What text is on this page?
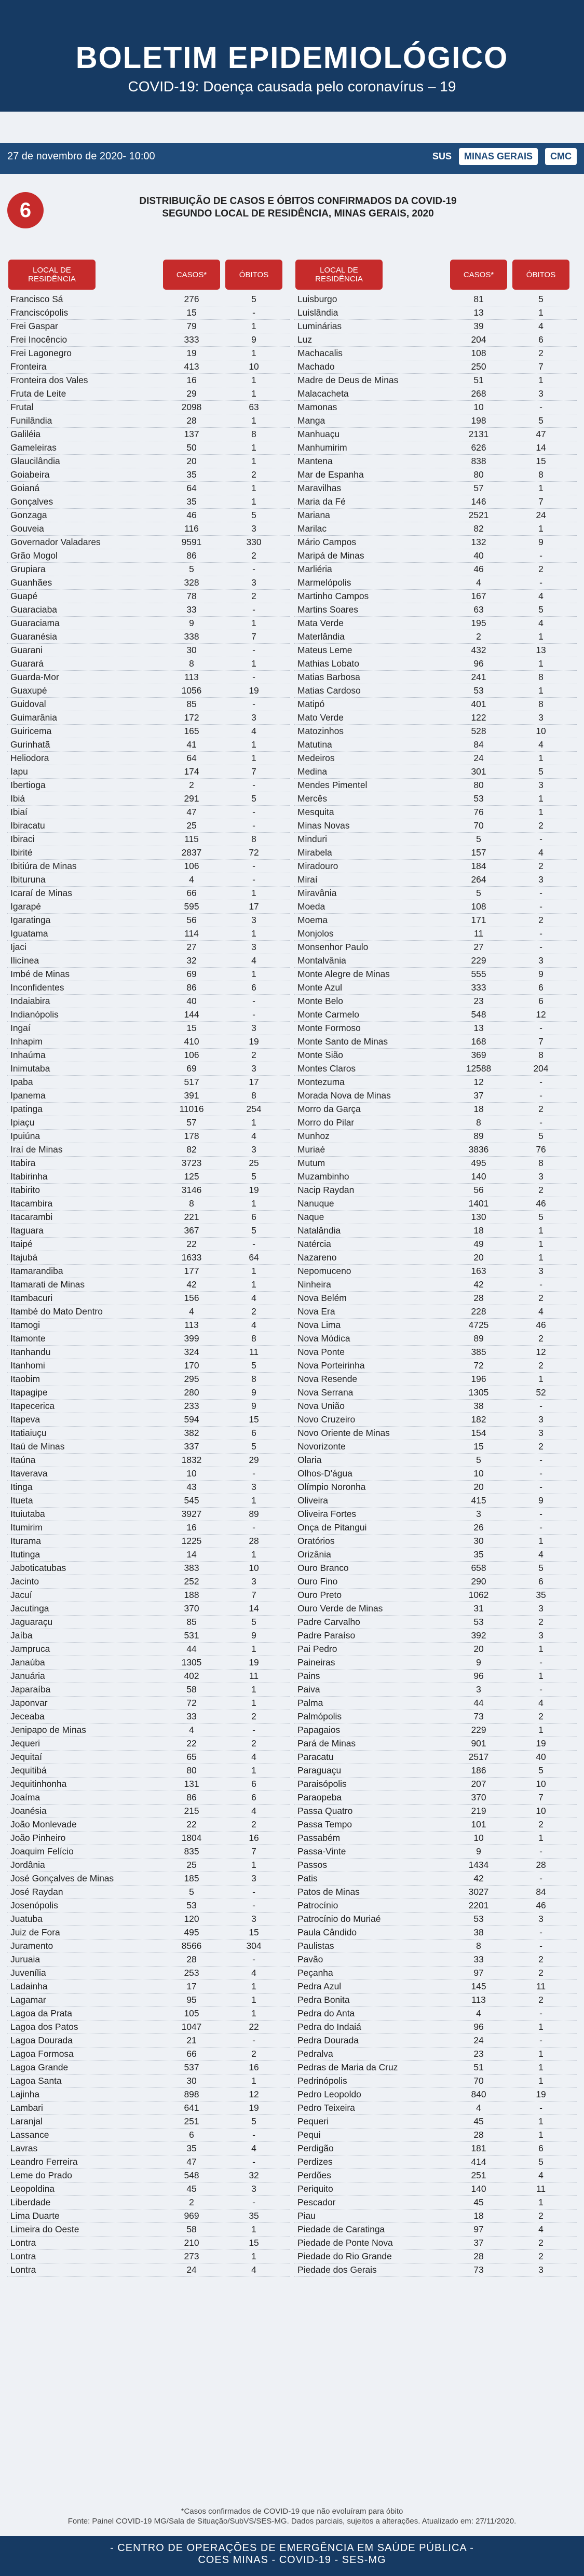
BOLETIM EPIDEMIOLÓGICO
COVID-19: Doença causada pelo coronavírus – 19
27 de novembro de 2020- 10:00	SUS	MINAS GERAIS	CMC
6	DISTRIBUIÇÃO DE CASOS E ÓBITOS CONFIRMADOS DA COVID-19 SEGUNDO LOCAL DE RESIDÊNCIA, MINAS GERAIS, 2020
LOCAL DE RESIDÊNCIA	CASOS*	ÓBITOS
Francisco Sá	276	5
Franciscópolis	15	-
Frei Gaspar	79	1
Frei Inocêncio	333	9
Frei Lagonegro	19	1
Fronteira	413	10
Fronteira dos Vales	16	1
Fruta de Leite	29	1
Frutal	2098	63
Funilândia	28	1
Galiléia	137	8
Gameleiras	50	1
Glaucilândia	20	1
Goiabeira	35	2
Goianá	64	1
Gonçalves	35	1
Gonzaga	46	5
Gouveia	116	3
Governador Valadares	9591	330
Grão Mogol	86	2
Grupiara	5	-
Guanhães	328	3
Guapé	78	2
Guaraciaba	33	-
Guaraciama	9	1
Guaranésia	338	7
Guarani	30	-
Guarará	8	1
Guarda-Mor	113	-
Guaxupé	1056	19
Guidoval	85	-
Guimarânia	172	3
Guiricema	165	4
Gurinhatã	41	1
Heliodora	64	1
Iapu	174	7
Ibertioga	2	-
Ibiá	291	5
Ibiaí	47	-
Ibiracatu	25	-
Ibiraci	115	8
Ibirité	2837	72
Ibitiúra de Minas	106	-
Ibituruna	4	-
Icaraí de Minas	66	1
Igarapé	595	17
Igaratinga	56	3
Iguatama	114	1
Ijaci	27	3
Ilicínea	32	4
Imbé de Minas	69	1
Inconfidentes	86	6
Indaiabira	40	-
Indianópolis	144	-
Ingaí	15	3
Inhapim	410	19
Inhaúma	106	2
Inimutaba	69	3
Ipaba	517	17
Ipanema	391	8
Ipatinga	11016	254
Ipiaçu	57	1
Ipuiúna	178	4
Iraí de Minas	82	3
Itabira	3723	25
Itabirinha	125	5
Itabirito	3146	19
Itacambira	8	1
Itacarambi	221	6
Itaguara	367	5
Itaipé	22	-
Itajubá	1633	64
Itamarandiba	177	1
Itamarati de Minas	42	1
Itambacuri	156	4
Itambé do Mato Dentro	4	2
Itamogi	113	4
Itamonte	399	8
Itanhandu	324	11
Itanhomi	170	5
Itaobim	295	8
Itapagipe	280	9
Itapecerica	233	9
Itapeva	594	15
Itatiaiuçu	382	6
Itaú de Minas	337	5
Itaúna	1832	29
Itaverava	10	-
Itinga	43	3
Itueta	545	1
Ituiutaba	3927	89
Itumirim	16	-
Iturama	1225	28
Itutinga	14	1
Jaboticatubas	383	10
Jacinto	252	3
Jacuí	188	7
Jacutinga	370	14
Jaguaraçu	85	5
Jaíba	531	9
Jampruca	44	1
Janaúba	1305	19
Januária	402	11
Japaraíba	58	1
Japonvar	72	1
Jeceaba	33	2
Jenipapo de Minas	4	-
Jequeri	22	2
Jequitaí	65	4
Jequitibá	80	1
Jequitinhonha	131	6
Joaíma	86	6
Joanésia	215	4
João Monlevade	22	2
João Pinheiro	1804	16
Joaquim Felício	835	7
Jordânia	25	1
José Gonçalves de Minas	185	3
José Raydan	5	-
Josenópolis	53	-
Juatuba	120	3
Juiz de Fora	495	15
Juramento	8566	304
Juruaia	28	-
Juvenília	253	4
Ladainha	17	1
Lagamar	95	1
Lagoa da Prata	105	1
Lagoa dos Patos	1047	22
Lagoa Dourada	21	-
Lagoa Formosa	66	2
Lagoa Grande	537	16
Lagoa Santa	30	1
Lajinha	898	12
Lambari	641	19
Laranjal	251	5
Lassance	6	-
Lavras	35	4
Leandro Ferreira	47	-
Leme do Prado	548	32
Leopoldina	45	3
Liberdade	2	-
Lima Duarte	969	35
Limeira do Oeste	58	1
Lontra	210	15
Lontra	273	1
Lontra	24	4
LOCAL DE RESIDÊNCIA	CASOS*	ÓBITOS
Luisburgo	81	5
Luislândia	13	1
Luminárias	39	4
Luz	204	6
Machacalis	108	2
Machado	250	7
Madre de Deus de Minas	51	1
Malacacheta	268	3
Mamonas	10	-
Manga	198	5
Manhuaçu	2131	47
Manhumirim	626	14
Mantena	838	15
Mar de Espanha	80	8
Maravilhas	57	1
Maria da Fé	146	7
Mariana	2521	24
Marilac	82	1
Mário Campos	132	9
Maripá de Minas	40	-
Marliéria	46	2
Marmelópolis	4	-
Martinho Campos	167	4
Martins Soares	63	5
Mata Verde	195	4
Materlândia	2	1
Mateus Leme	432	13
Mathias Lobato	96	1
Matias Barbosa	241	8
Matias Cardoso	53	1
Matipó	401	8
Mato Verde	122	3
Matozinhos	528	10
Matutina	84	4
Medeiros	24	1
Medina	301	5
Mendes Pimentel	80	3
Mercês	53	1
Mesquita	76	1
Minas Novas	70	2
Minduri	5	-
Mirabela	157	4
Miradouro	184	2
Miraí	264	3
Miravânia	5	-
Moeda	108	-
Moema	171	2
Monjolos	11	-
Monsenhor Paulo	27	-
Montalvânia	229	3
Monte Alegre de Minas	555	9
Monte Azul	333	6
Monte Belo	23	6
Monte Carmelo	548	12
Monte Formoso	13	-
Monte Santo de Minas	168	7
Monte Sião	369	8
Montes Claros	12588	204
Montezuma	12	-
Morada Nova de Minas	37	-
Morro da Garça	18	2
Morro do Pilar	8	-
Munhoz	89	5
Muriaé	3836	76
Mutum	495	8
Muzambinho	140	3
Nacip Raydan	56	2
Nanuque	1401	46
Naque	130	5
Natalândia	18	1
Natércia	49	1
Nazareno	20	1
Nepomuceno	163	3
Ninheira	42	-
Nova Belém	28	2
Nova Era	228	4
Nova Lima	4725	46
Nova Módica	89	2
Nova Ponte	385	12
Nova Porteirinha	72	2
Nova Resende	196	1
Nova Serrana	1305	52
Nova União	38	-
Novo Cruzeiro	182	3
Novo Oriente de Minas	154	3
Novorizonte	15	2
Olaria	5	-
Olhos-D'água	10	-
Olímpio Noronha	20	-
Oliveira	415	9
Oliveira Fortes	3	-
Onça de Pitangui	26	-
Oratórios	30	1
Orizânia	35	4
Ouro Branco	658	5
Ouro Fino	290	6
Ouro Preto	1062	35
Ouro Verde de Minas	31	3
Padre Carvalho	53	2
Padre Paraíso	392	3
Pai Pedro	20	1
Paineiras	9	-
Pains	96	1
Paiva	3	-
Palma	44	4
Palmópolis	73	2
Papagaios	229	1
Pará de Minas	901	19
Paracatu	2517	40
Paraguaçu	186	5
Paraisópolis	207	10
Paraopeba	370	7
Passa Quatro	219	10
Passa Tempo	101	2
Passabém	10	1
Passa-Vinte	9	-
Passos	1434	28
Patis	42	-
Patos de Minas	3027	84
Patrocínio	2201	46
Patrocínio do Muriaé	53	3
Paula Cândido	38	-
Paulistas	8	-
Pavão	33	2
Peçanha	97	2
Pedra Azul	145	11
Pedra Bonita	113	2
Pedra do Anta	4	-
Pedra do Indaiá	96	1
Pedra Dourada	24	-
Pedralva	23	1
Pedras de Maria da Cruz	51	1
Pedrinópolis	70	1
Pedro Leopoldo	840	19
Pedro Teixeira	4	-
Pequeri	45	1
Pequi	28	1
Perdigão	181	6
Perdizes	414	5
Perdões	251	4
Periquito	140	11
Pescador	45	1
Piau	18	2
Piedade de Caratinga	97	4
Piedade de Ponte Nova	37	2
Piedade do Rio Grande	28	2
Piedade dos Gerais	73	3
*Casos confirmados de COVID-19 que não evoluíram para óbito
Fonte: Painel COVID-19 MG/Sala de Situação/SubVS/SES-MG. Dados parciais, sujeitos a alterações. Atualizado em: 27/11/2020.
- CENTRO DE OPERAÇÕES DE EMERGÊNCIA EM SAÚDE PÚBLICA -
COES MINAS - COVID-19 - SES-MG
